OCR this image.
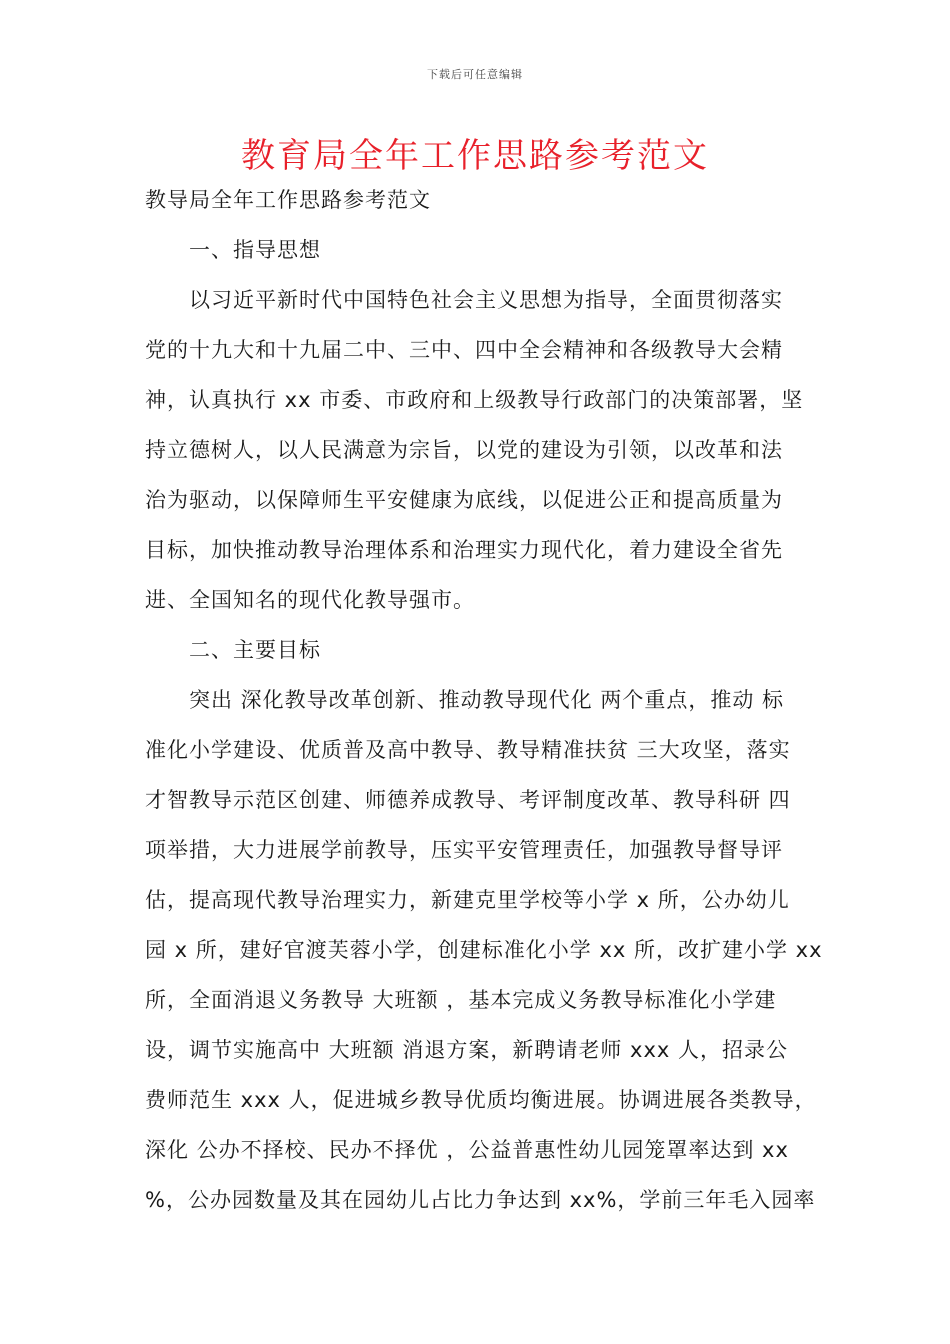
下载后可任意编辑
教育局全年工作思路参考范文
教导局全年工作思路参考范文
一、指导思想
以习近平新时代中国特色社会主义思想为指导，全面贯彻落实
党的十九大和十九届二中、三中、四中全会精神和各级教导大会精
神，认真执行 xx 市委、市政府和上级教导行政部门的决策部署，坚
持立德树人，以人民满意为宗旨，以党的建设为引领，以改革和法
治为驱动，以保障师生平安健康为底线，以促进公正和提高质量为
目标，加快推动教导治理体系和治理实力现代化，着力建设全省先
进、全国知名的现代化教导强市。
二、主要目标
突出 深化教导改革创新、推动教导现代化 两个重点，推动 标
准化小学建设、优质普及高中教导、教导精准扶贫 三大攻坚，落实
才智教导示范区创建、师德养成教导、考评制度改革、教导科研 四
项举措，大力进展学前教导，压实平安管理责任，加强教导督导评
估，提高现代教导治理实力，新建克里学校等小学 x 所，公办幼儿
园 x 所，建好官渡芙蓉小学，创建标准化小学 xx 所，改扩建小学 xx
所，全面消退义务教导 大班额 ，基本完成义务教导标准化小学建
设，调节实施高中 大班额 消退方案，新聘请老师 xxx 人，招录公
费师范生 xxx 人，促进城乡教导优质均衡进展。协调进展各类教导，
深化 公办不择校、民办不择优 ，公益普惠性幼儿园笼罩率达到 xx
%，公办园数量及其在园幼儿占比力争达到 xx%，学前三年毛入园率
